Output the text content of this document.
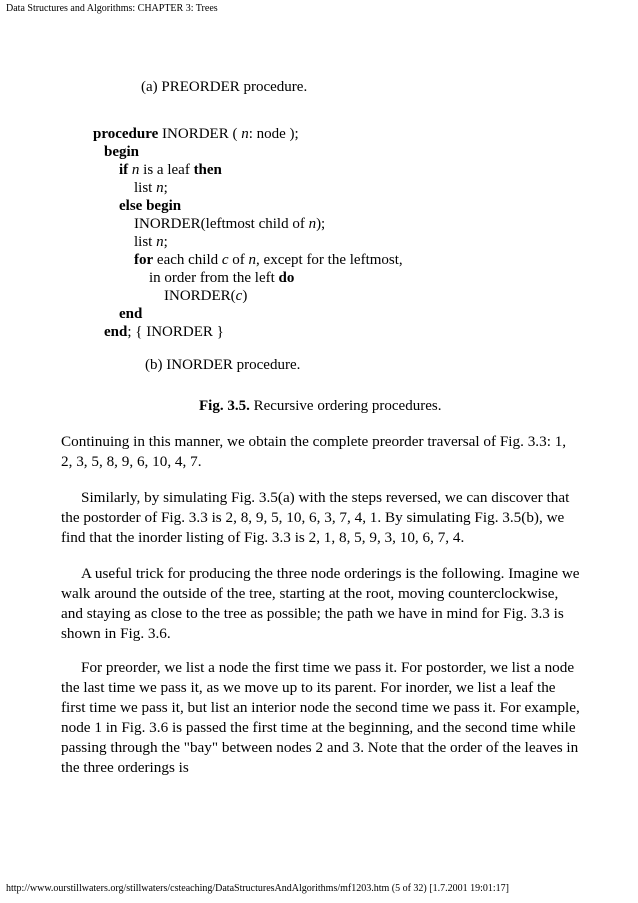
Data Structures and Algorithms: CHAPTER 3: Trees
(a) PREORDER procedure.
procedure INORDER ( n: node );
begin
if n is a leaf then
list n;
else begin
INORDER(leftmost child of n);
list n;
for each child c of n, except for the leftmost,
in order from the left do
INORDER(c)
end
end; { INORDER }
(b) INORDER procedure.
Fig. 3.5. Recursive ordering procedures.

Continuing in this manner, we obtain the complete preorder traversal of Fig. 3.3: 1, 2, 3, 5, 8, 9, 6, 10, 4, 7.

Similarly, by simulating Fig. 3.5(a) with the steps reversed, we can discover that the postorder of Fig. 3.3 is 2, 8, 9, 5, 10, 6, 3, 7, 4, 1. By simulating Fig. 3.5(b), we find that the inorder listing of Fig. 3.3 is 2, 1, 8, 5, 9, 3, 10, 6, 7, 4.

A useful trick for producing the three node orderings is the following. Imagine we walk around the outside of the tree, starting at the root, moving counterclockwise, and staying as close to the tree as possible; the path we have in mind for Fig. 3.3 is shown in Fig. 3.6.

For preorder, we list a node the first time we pass it. For postorder, we list a node the last time we pass it, as we move up to its parent. For inorder, we list a leaf the first time we pass it, but list an interior node the second time we pass it. For example, node 1 in Fig. 3.6 is passed the first time at the beginning, and the second time while passing through the "bay" between nodes 2 and 3. Note that the order of the leaves in the three orderings is

http://www.ourstillwaters.org/stillwaters/csteaching/DataStructuresAndAlgorithms/mf1203.htm (5 of 32) [1.7.2001 19:01:17]
